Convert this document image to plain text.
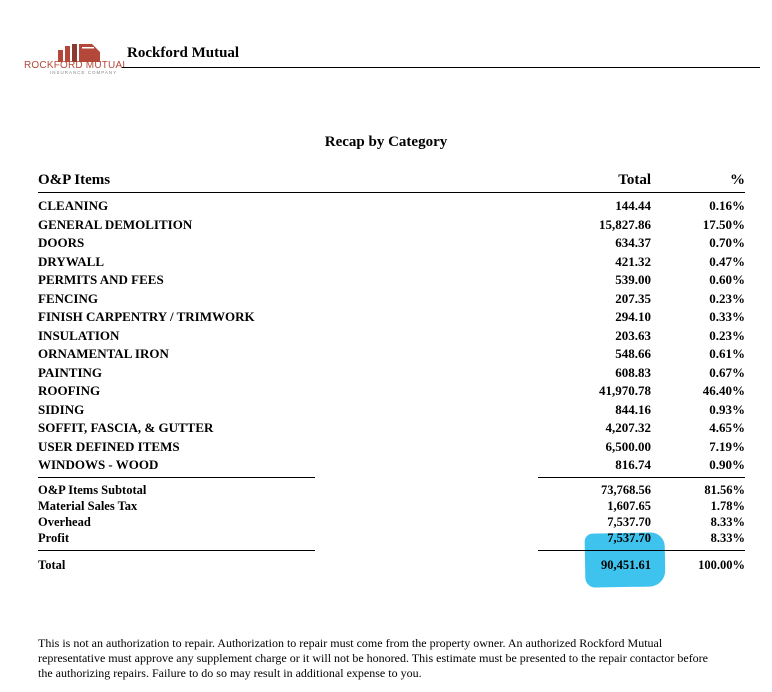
ROCKFORD MUTUAL
INSURANCE COMPANY
Rockford Mutual
Recap by Category
O&P Items	Total	%
CLEANING	144.44	0.16%
GENERAL DEMOLITION	15,827.86	17.50%
DOORS	634.37	0.70%
DRYWALL	421.32	0.47%
PERMITS AND FEES	539.00	0.60%
FENCING	207.35	0.23%
FINISH CARPENTRY / TRIMWORK	294.10	0.33%
INSULATION	203.63	0.23%
ORNAMENTAL IRON	548.66	0.61%
PAINTING	608.83	0.67%
ROOFING	41,970.78	46.40%
SIDING	844.16	0.93%
SOFFIT, FASCIA, & GUTTER	4,207.32	4.65%
USER DEFINED ITEMS	6,500.00	7.19%
WINDOWS - WOOD	816.74	0.90%
O&P Items Subtotal	73,768.56	81.56%
Material Sales Tax	1,607.65	1.78%
Overhead	7,537.70	8.33%
Profit	7,537.70	8.33%
Total	90,451.61	100.00%
This is not an authorization to repair. Authorization to repair must come from the property owner. An authorized Rockford Mutual representative must approve any supplement charge or it will not be honored. This estimate must be presented to the repair contactor before the authorizing repairs. Failure to do so may result in additional expense to you.
